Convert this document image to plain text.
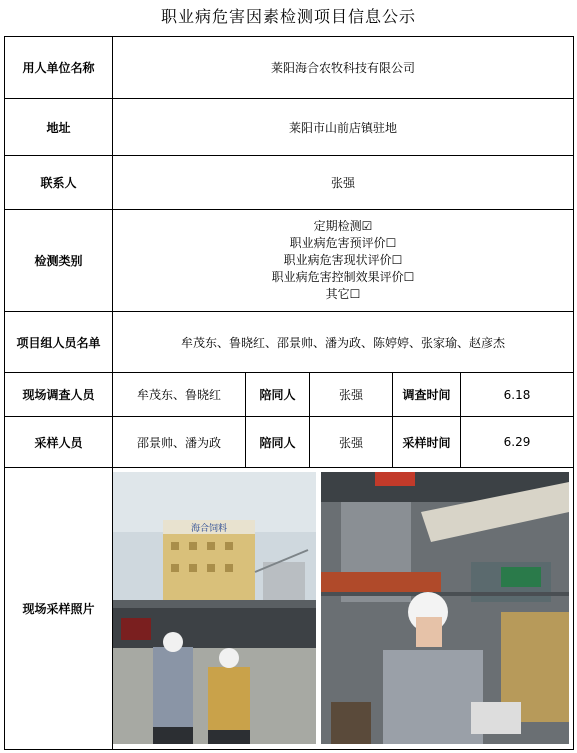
职业病危害因素检测项目信息公示
用人单位名称	莱阳海合农牧科技有限公司				
地址	莱阳市山前店镇驻地				
联系人	张强				
检测类别	定期检测☑
职业病危害预评价☐
职业病危害现状评价☐
职业病危害控制效果评价☐
其它☐				

项目组人员名单	牟茂东、鲁晓红、邵景帅、潘为政、陈婷婷、张家瑜、赵彦杰				
现场调查人员	牟茂东、鲁晓红	陪同人	张强	调查时间	6.18
采样人员	邵景帅、潘为政	陪同人	张强	采样时间	6.29
现场采样照片	海合饲料				
